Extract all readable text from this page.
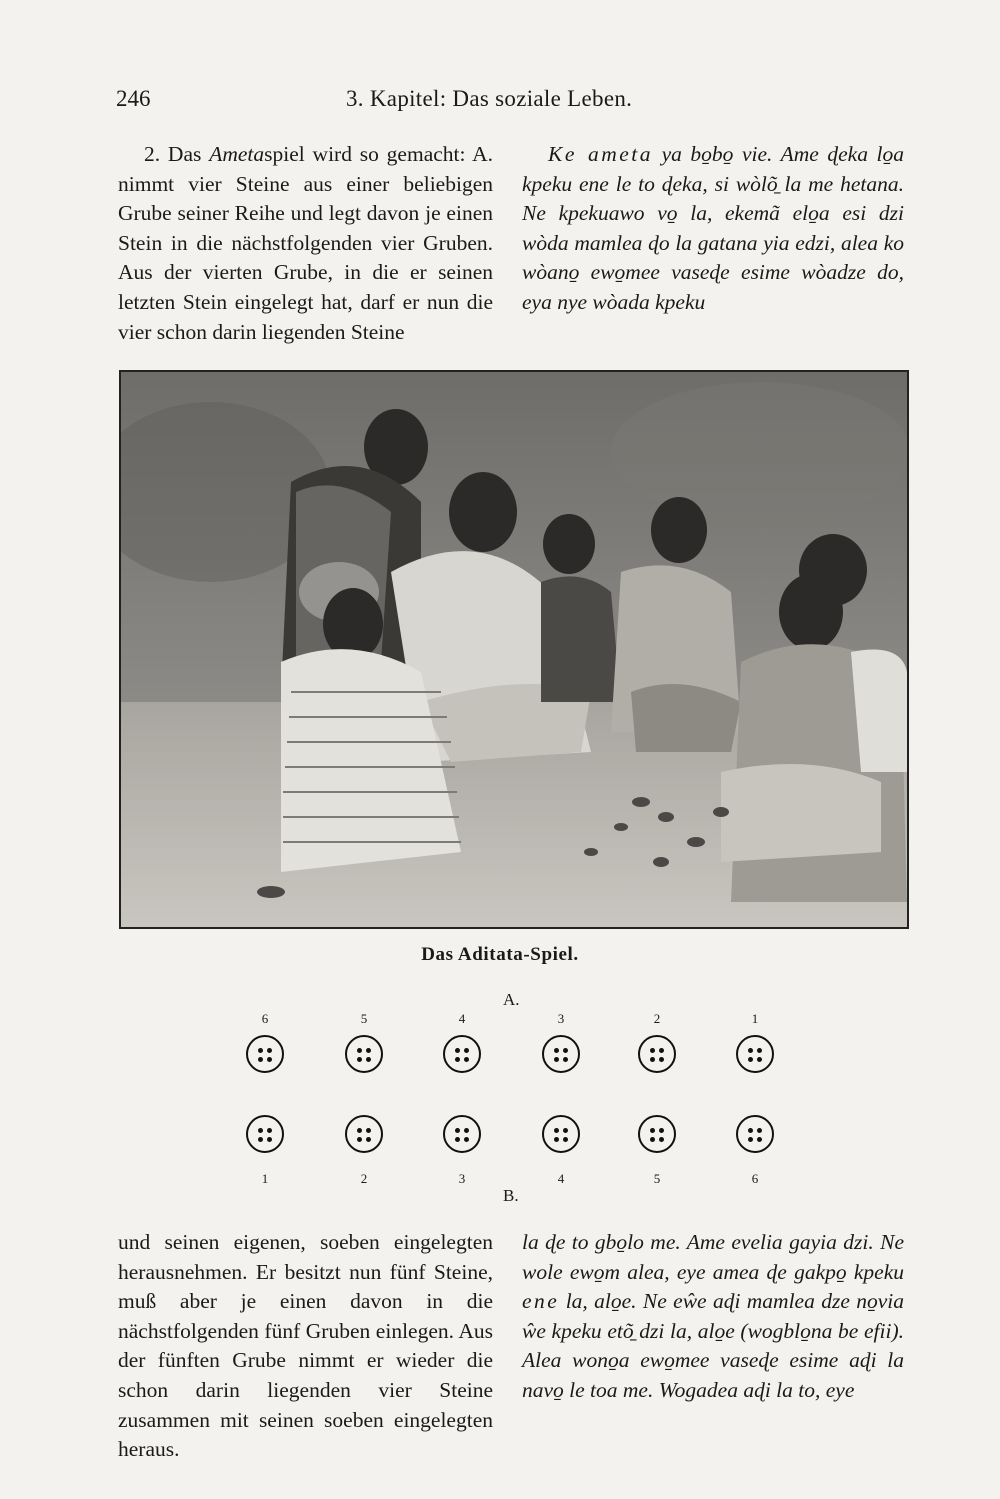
246	3. Kapitel: Das soziale Leben.

2. Das Ametaspiel wird so gemacht: A. nimmt vier Steine aus einer beliebigen Grube seiner Reihe und legt davon je einen Stein in die nächstfolgenden vier Gruben. Aus der vierten Grube, in die er seinen letzten Stein eingelegt hat, darf er nun die vier schon darin liegenden Steine

Ke ameta ya bo̱bo̱ vie. Ame ɖeka lo̱a kpeku ene le to ɖeka, si wòlõ̱ la me hetana. Ne kpekuawo vo̱ la, ekemã elo̱a esi dzi wòda mamlea ɖo la gatana yia edzi, alea ko wòano̱ ewo̱mee vaseɖe esime wòadze do, eya nye wòada kpeku

Das Aditata-Spiel.
A.
B.
6	5	4	3	2	1
1	2	3	4	5	6

und seinen eigenen, soeben eingelegten herausnehmen. Er besitzt nun fünf Steine, muß aber je einen davon in die nächstfolgenden fünf Gruben einlegen. Aus der fünften Grube nimmt er wieder die schon darin liegenden vier Steine zusammen mit seinen soeben eingelegten heraus.

la ɖe to gbo̱lo me. Ame evelia gayia dzi. Ne wole ewo̱m alea, eye amea ɖe gakpo̱ kpeku ene la, alo̱e. Ne eŵe aɖi mamlea dze no̱via ŵe kpeku etõ̱ dzi la, alo̱e (wogblo̱na be efii). Alea wono̱a ewo̱mee vaseɖe esime aɖi la navo̱ le toa me. Wogadea aɖi la to, eye
